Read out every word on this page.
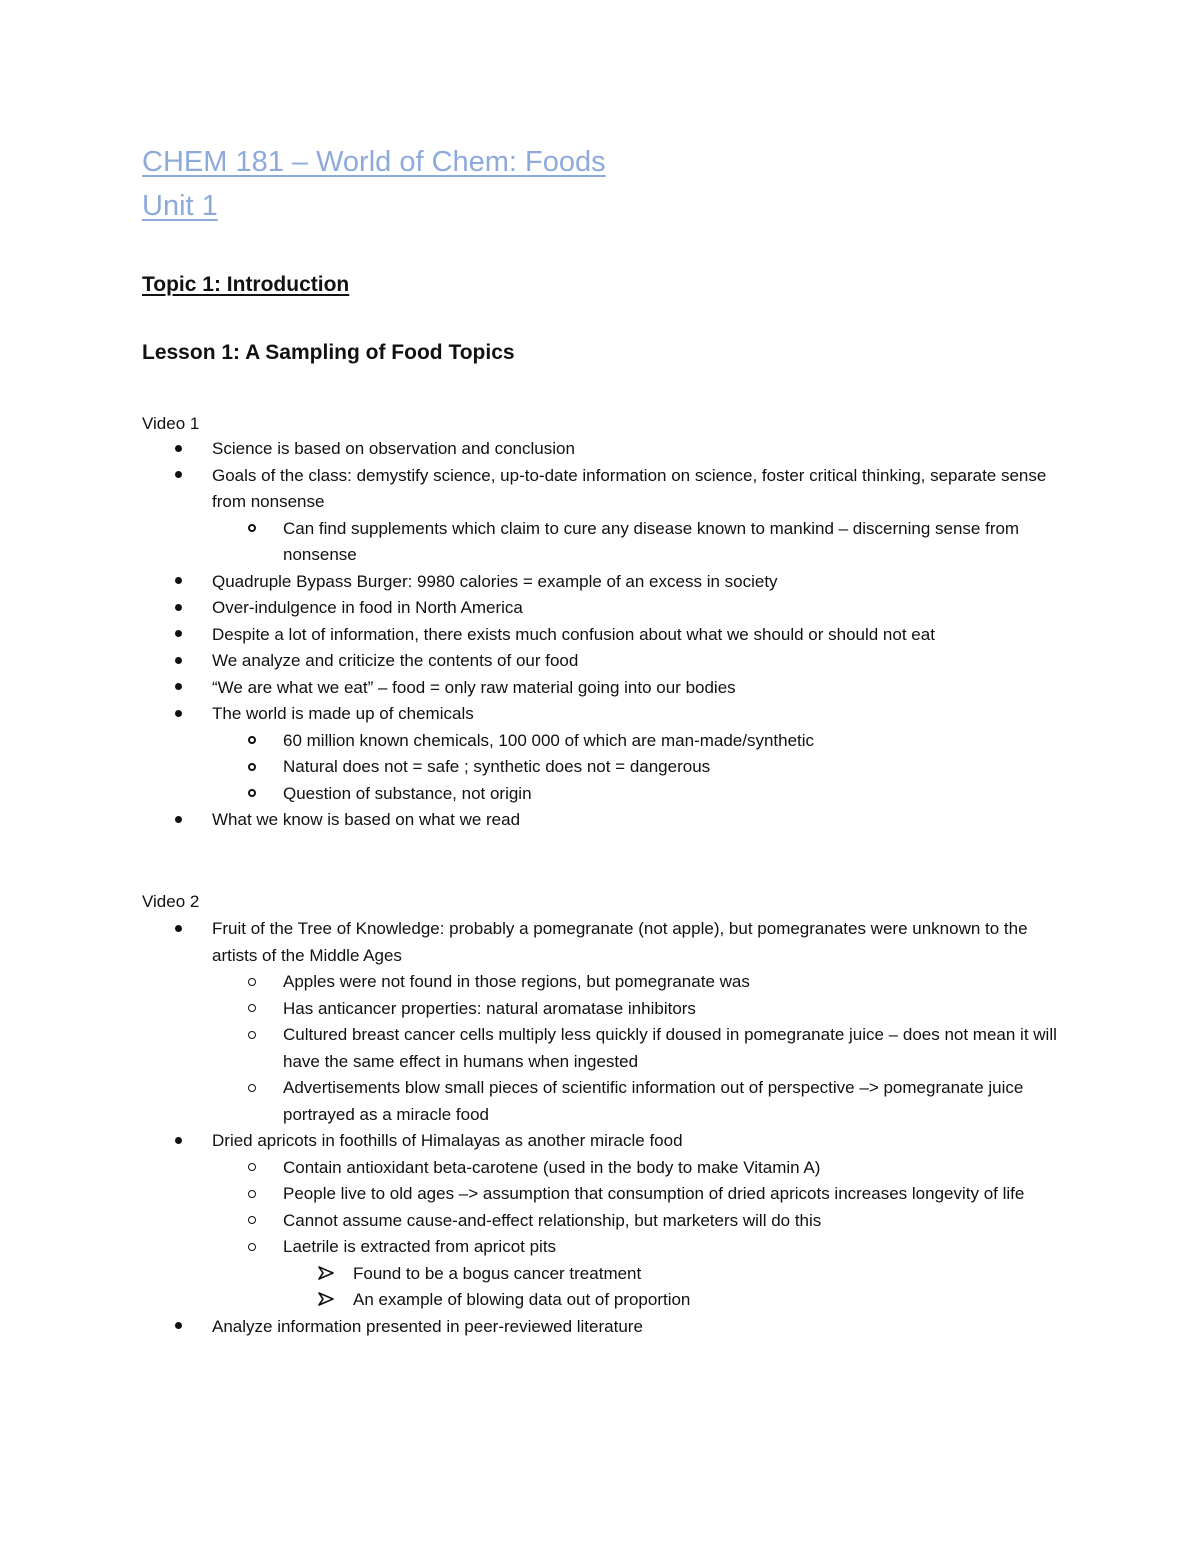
CHEM 181 – World of Chem: Foods
Unit 1
Topic 1: Introduction
Lesson 1: A Sampling of Food Topics
Video 1
Science is based on observation and conclusion
Goals of the class: demystify science, up-to-date information on science, foster critical thinking, separate sense from nonsense
Can find supplements which claim to cure any disease known to mankind – discerning sense from nonsense
Quadruple Bypass Burger: 9980 calories = example of an excess in society
Over-indulgence in food in North America
Despite a lot of information, there exists much confusion about what we should or should not eat
We analyze and criticize the contents of our food
“We are what we eat” – food = only raw material going into our bodies
The world is made up of chemicals
60 million known chemicals, 100 000 of which are man-made/synthetic
Natural does not = safe ; synthetic does not = dangerous
Question of substance, not origin
What we know is based on what we read
Video 2
Fruit of the Tree of Knowledge: probably a pomegranate (not apple), but pomegranates were unknown to the artists of the Middle Ages
Apples were not found in those regions, but pomegranate was
Has anticancer properties: natural aromatase inhibitors
Cultured breast cancer cells multiply less quickly if doused in pomegranate juice – does not mean it will have the same effect in humans when ingested
Advertisements blow small pieces of scientific information out of perspective –> pomegranate juice portrayed as a miracle food
Dried apricots in foothills of Himalayas as another miracle food
Contain antioxidant beta-carotene (used in the body to make Vitamin A)
People live to old ages –> assumption that consumption of dried apricots increases longevity of life
Cannot assume cause-and-effect relationship, but marketers will do this
Laetrile is extracted from apricot pits
Found to be a bogus cancer treatment
An example of blowing data out of proportion
Analyze information presented in peer-reviewed literature
